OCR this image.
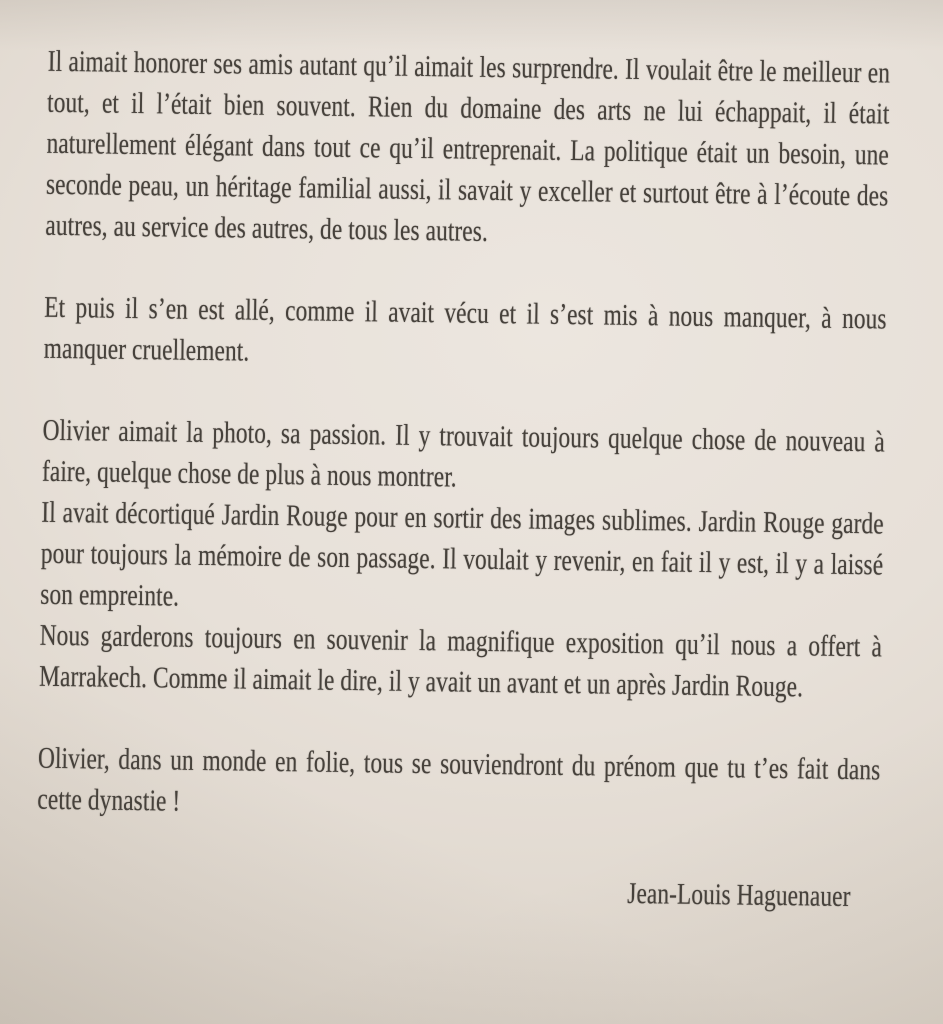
Il aimait honorer ses amis autant qu’il aimait les surprendre. Il voulait être le meilleur en tout, et il l’était bien souvent. Rien du domaine des arts ne lui échappait, il était naturellement élégant dans tout ce qu’il entreprenait. La politique était un besoin, une seconde peau, un héritage familial aussi, il savait y exceller et surtout être à l’écoute des autres, au service des autres, de tous les autres.

Et puis il s’en est allé, comme il avait vécu et il s’est mis à nous manquer, à nous manquer cruellement.

Olivier aimait la photo, sa passion. Il y trouvait toujours quelque chose de nouveau à faire, quelque chose de plus à nous montrer.

Il avait décortiqué Jardin Rouge pour en sortir des images sublimes. Jardin Rouge garde pour toujours la mémoire de son passage. Il voulait y revenir, en fait il y est, il y a laissé son empreinte.

Nous garderons toujours en souvenir la magnifique exposition qu’il nous a offert à Marrakech. Comme il aimait le dire, il y avait un avant et un après Jardin Rouge.

Olivier, dans un monde en folie, tous se souviendront du prénom que tu t’es fait dans cette dynastie !

Jean-Louis Haguenauer
